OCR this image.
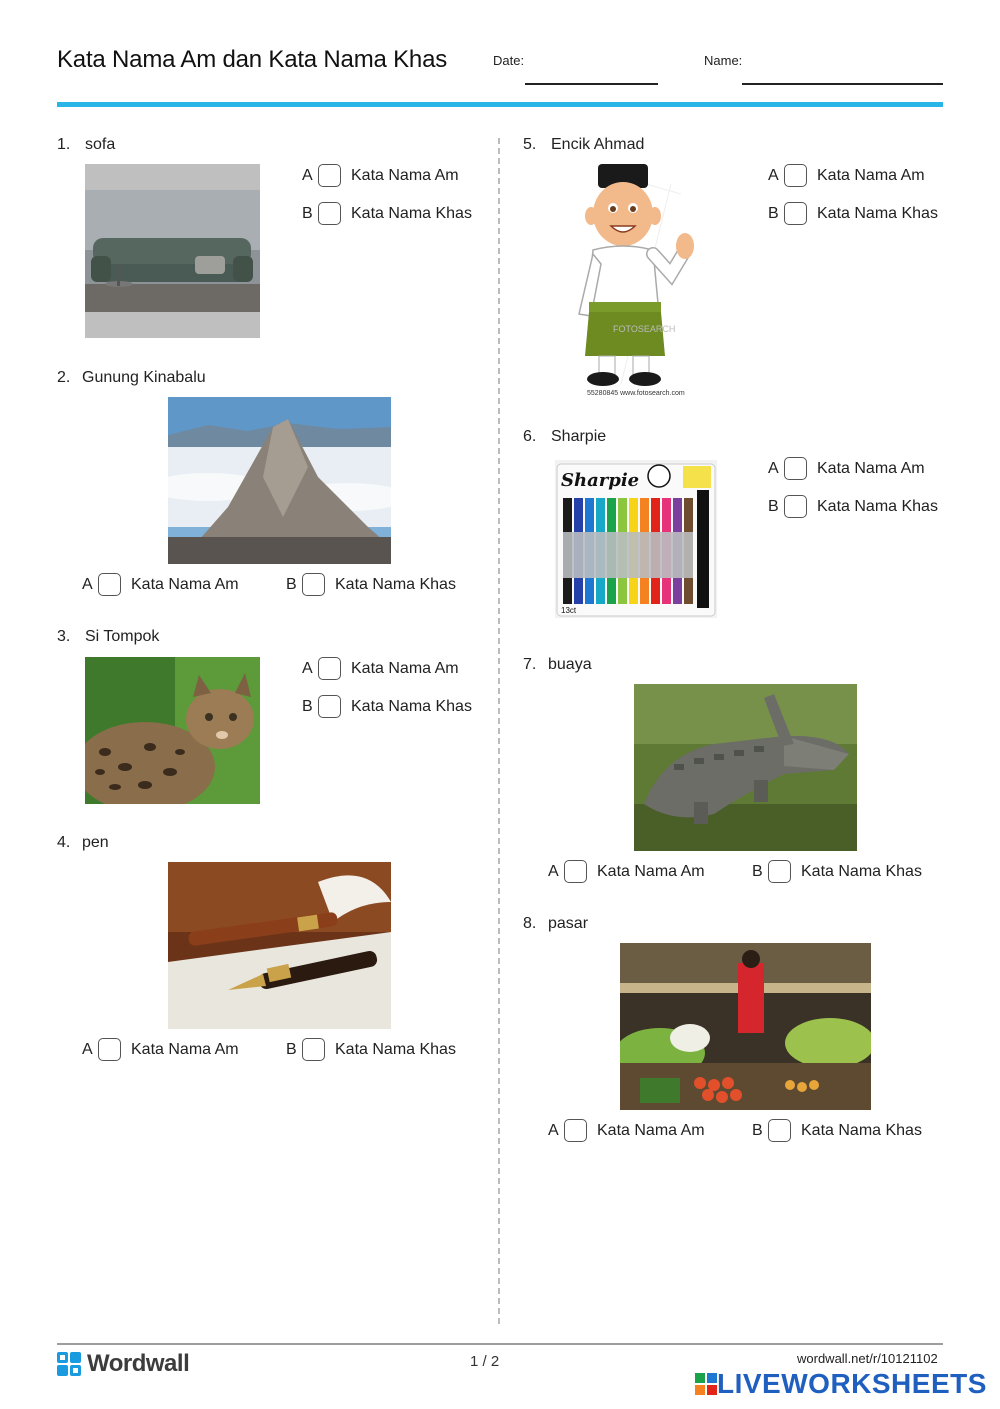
Kata Nama Am dan Kata Nama Khas	Date:	Name:
1. sofa
A	Kata Nama Am
B	Kata Nama Khas
2. Gunung Kinabalu
A	Kata Nama Am	B	Kata Nama Khas
3. Si Tompok
A	Kata Nama Am
B	Kata Nama Khas
4. pen
A	Kata Nama Am	B	Kata Nama Khas
5. Encik Ahmad
FOTOSEARCH
55280845 www.fotosearch.com
A	Kata Nama Am
B	Kata Nama Khas
6. Sharpie
Sharpie
13ct
A	Kata Nama Am
B	Kata Nama Khas
7. buaya
A	Kata Nama Am	B	Kata Nama Khas
8. pasar
A	Kata Nama Am	B	Kata Nama Khas
Wordwall	1 / 2	wordwall.net/r/10121102
LIVEWORKSHEETS
